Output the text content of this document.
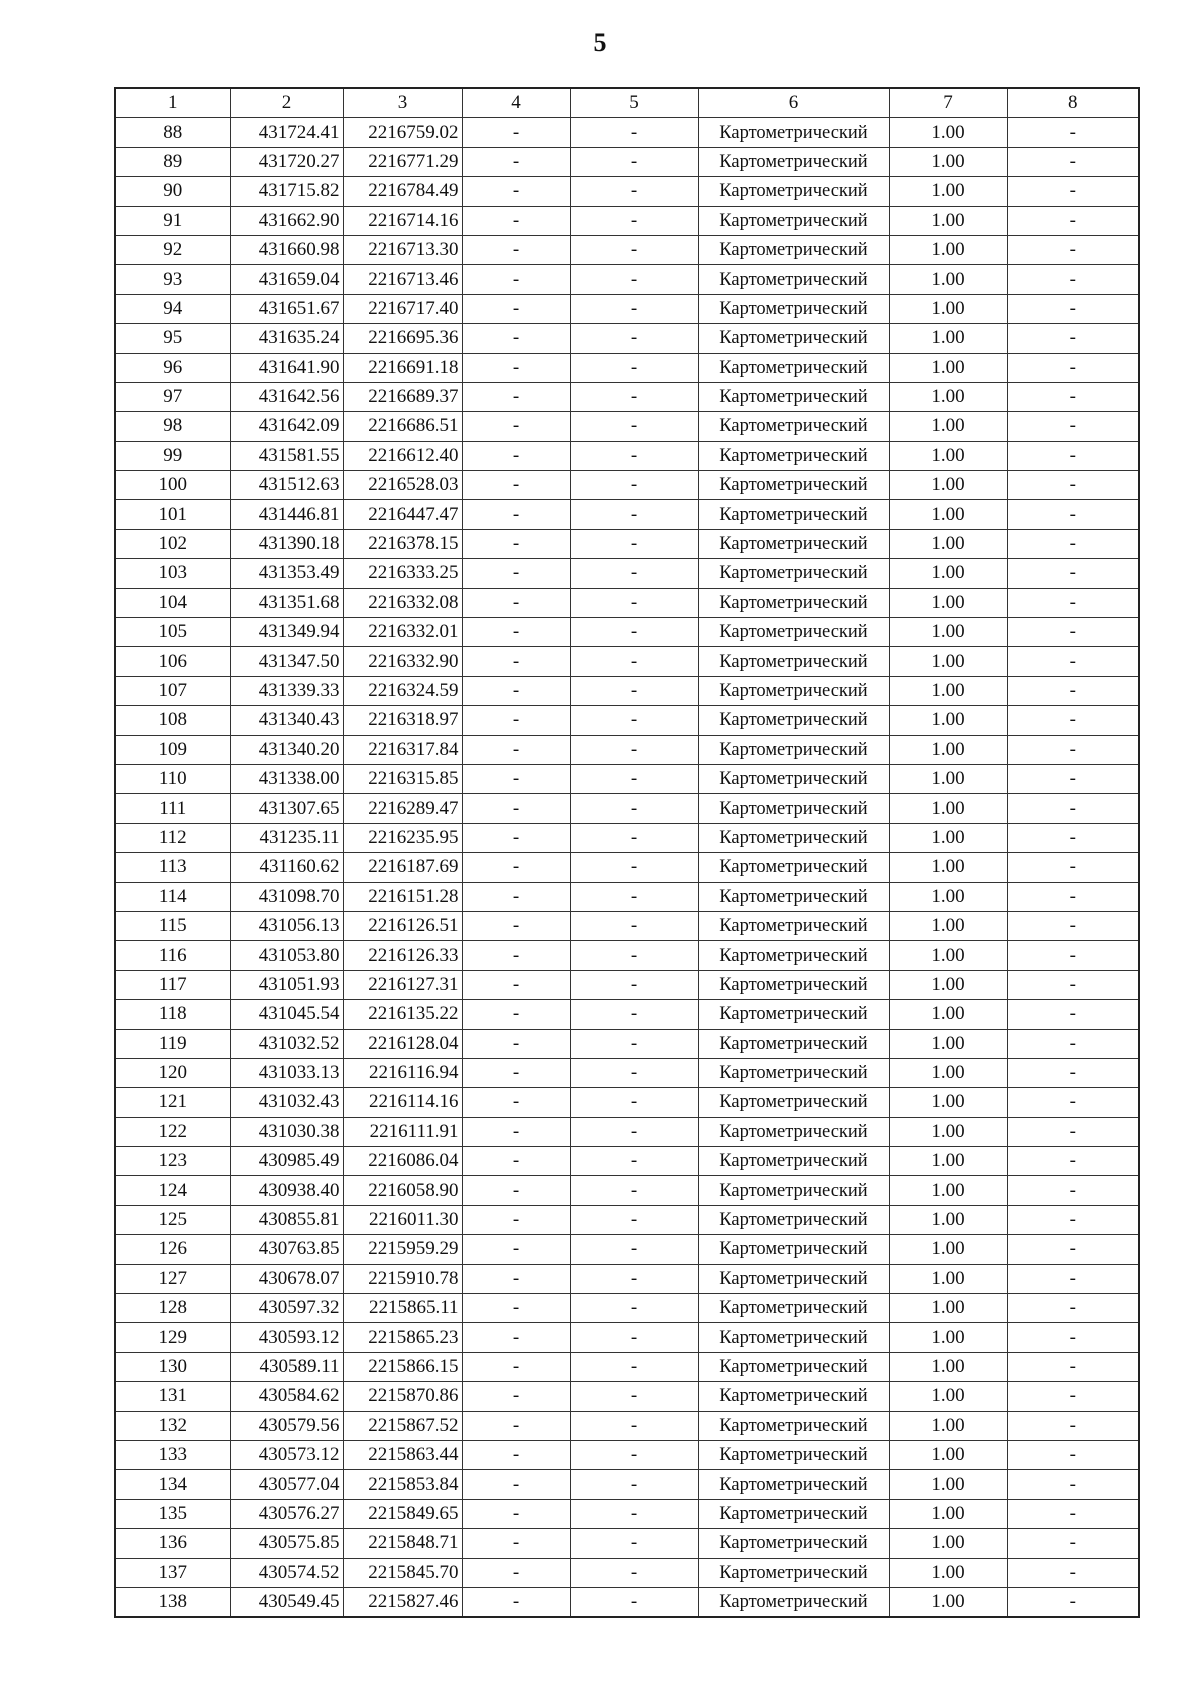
5
1	2	3	4	5	6	7	8
88	431724.41	2216759.02	-	-	Картометрический	1.00	-
89	431720.27	2216771.29	-	-	Картометрический	1.00	-
90	431715.82	2216784.49	-	-	Картометрический	1.00	-
91	431662.90	2216714.16	-	-	Картометрический	1.00	-
92	431660.98	2216713.30	-	-	Картометрический	1.00	-
93	431659.04	2216713.46	-	-	Картометрический	1.00	-
94	431651.67	2216717.40	-	-	Картометрический	1.00	-
95	431635.24	2216695.36	-	-	Картометрический	1.00	-
96	431641.90	2216691.18	-	-	Картометрический	1.00	-
97	431642.56	2216689.37	-	-	Картометрический	1.00	-
98	431642.09	2216686.51	-	-	Картометрический	1.00	-
99	431581.55	2216612.40	-	-	Картометрический	1.00	-
100	431512.63	2216528.03	-	-	Картометрический	1.00	-
101	431446.81	2216447.47	-	-	Картометрический	1.00	-
102	431390.18	2216378.15	-	-	Картометрический	1.00	-
103	431353.49	2216333.25	-	-	Картометрический	1.00	-
104	431351.68	2216332.08	-	-	Картометрический	1.00	-
105	431349.94	2216332.01	-	-	Картометрический	1.00	-
106	431347.50	2216332.90	-	-	Картометрический	1.00	-
107	431339.33	2216324.59	-	-	Картометрический	1.00	-
108	431340.43	2216318.97	-	-	Картометрический	1.00	-
109	431340.20	2216317.84	-	-	Картометрический	1.00	-
110	431338.00	2216315.85	-	-	Картометрический	1.00	-
111	431307.65	2216289.47	-	-	Картометрический	1.00	-
112	431235.11	2216235.95	-	-	Картометрический	1.00	-
113	431160.62	2216187.69	-	-	Картометрический	1.00	-
114	431098.70	2216151.28	-	-	Картометрический	1.00	-
115	431056.13	2216126.51	-	-	Картометрический	1.00	-
116	431053.80	2216126.33	-	-	Картометрический	1.00	-
117	431051.93	2216127.31	-	-	Картометрический	1.00	-
118	431045.54	2216135.22	-	-	Картометрический	1.00	-
119	431032.52	2216128.04	-	-	Картометрический	1.00	-
120	431033.13	2216116.94	-	-	Картометрический	1.00	-
121	431032.43	2216114.16	-	-	Картометрический	1.00	-
122	431030.38	2216111.91	-	-	Картометрический	1.00	-
123	430985.49	2216086.04	-	-	Картометрический	1.00	-
124	430938.40	2216058.90	-	-	Картометрический	1.00	-
125	430855.81	2216011.30	-	-	Картометрический	1.00	-
126	430763.85	2215959.29	-	-	Картометрический	1.00	-
127	430678.07	2215910.78	-	-	Картометрический	1.00	-
128	430597.32	2215865.11	-	-	Картометрический	1.00	-
129	430593.12	2215865.23	-	-	Картометрический	1.00	-
130	430589.11	2215866.15	-	-	Картометрический	1.00	-
131	430584.62	2215870.86	-	-	Картометрический	1.00	-
132	430579.56	2215867.52	-	-	Картометрический	1.00	-
133	430573.12	2215863.44	-	-	Картометрический	1.00	-
134	430577.04	2215853.84	-	-	Картометрический	1.00	-
135	430576.27	2215849.65	-	-	Картометрический	1.00	-
136	430575.85	2215848.71	-	-	Картометрический	1.00	-
137	430574.52	2215845.70	-	-	Картометрический	1.00	-
138	430549.45	2215827.46	-	-	Картометрический	1.00	-
